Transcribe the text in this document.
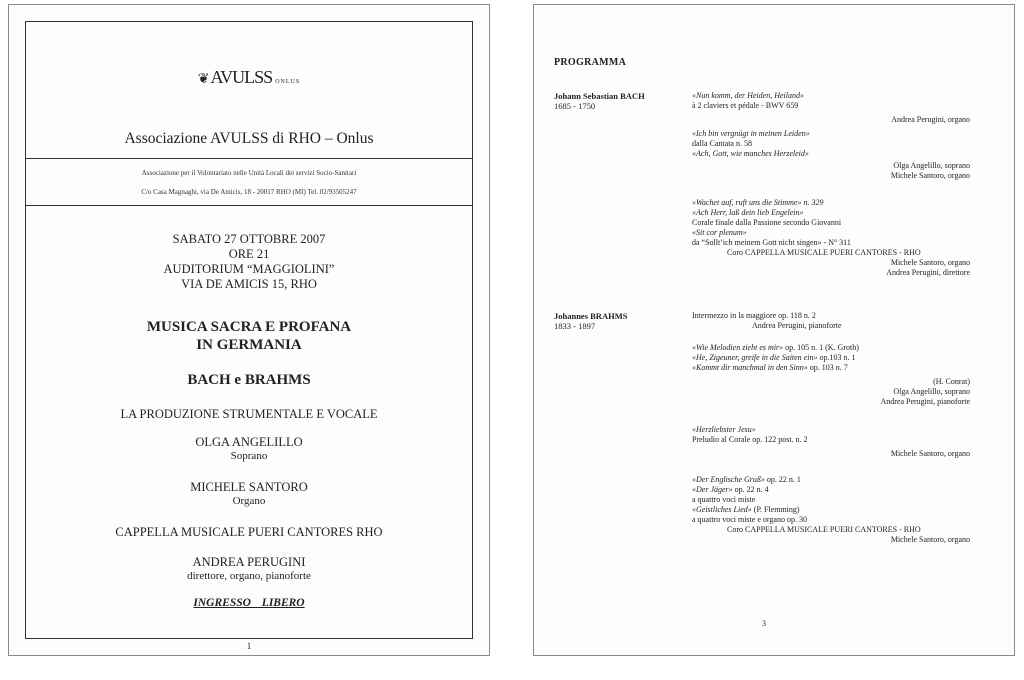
❦ AVULSS ONLUS
Associazione AVULSS di RHO – Onlus
Associazione per il Volontariato nelle Unità Locali dei servizi Socio-Sanitari
C/o Casa Magnaghi, via De Amicis, 18 - 20017 RHO (MI) Tel. 02/93505247
SABATO 27 OTTOBRE 2007
ORE 21
AUDITORIUM “MAGGIOLINI”
VIA DE AMICIS 15, RHO
MUSICA SACRA E PROFANA
IN GERMANIA
BACH e BRAHMS
LA PRODUZIONE STRUMENTALE E VOCALE
OLGA ANGELILLO
Soprano
MICHELE SANTORO
Organo
CAPPELLA MUSICALE PUERI CANTORES RHO
ANDREA PERUGINI
direttore, organo, pianoforte
INGRESSO LIBERO
1
PROGRAMMA
Johann Sebastian BACH
1685 - 1750
«Nun komm, der Heiden, Heiland»
à 2 claviers et pédale - BWV 659
Andrea Perugini, organo
«Ich bin vergnügt in meinen Leiden»
dalla Cantata n. 58
«Ach, Gott, wie manches Herzeleid»
Olga Angelillo, soprano
Michele Santoro, organo
«Wachet auf, ruft uns die Stimme» n. 329
«Ach Herr, laß dein lieb Engelein»
Corale finale dalla Passione secondo Giovanni
«Sit cor plenum»
da “Sollt’ich meinem Gott nicht singen» - N° 311
Coro CAPPELLA MUSICALE PUERI CANTORES - RHO
Michele Santoro, organo
Andrea Perugini, direttore
Johannes BRAHMS
1833 - 1897
Intermezzo in la maggiore op. 118 n. 2
Andrea Perugini, pianoforte
«Wie Melodien zieht es mir» op. 105 n. 1 (K. Groth)
«He, Zigeuner, greife in die Saiten ein» op.103 n. 1
«Kommt dir manchmal in den Sinn» op. 103 n. 7
(H. Conrat)
Olga Angelillo, soprano
Andrea Perugini, pianoforte
«Herzliebster Jesu»
Preludio al Corale op. 122 post. n. 2
Michele Santoro, organo
«Der Englische Gruß» op. 22 n. 1
«Der Jäger» op. 22 n. 4
a quattro voci miste
«Geistliches Lied» (P. Flemming)
a quattro voci miste e organo op. 30
Coro CAPPELLA MUSICALE PUERI CANTORES - RHO
Michele Santoro, organo
3
